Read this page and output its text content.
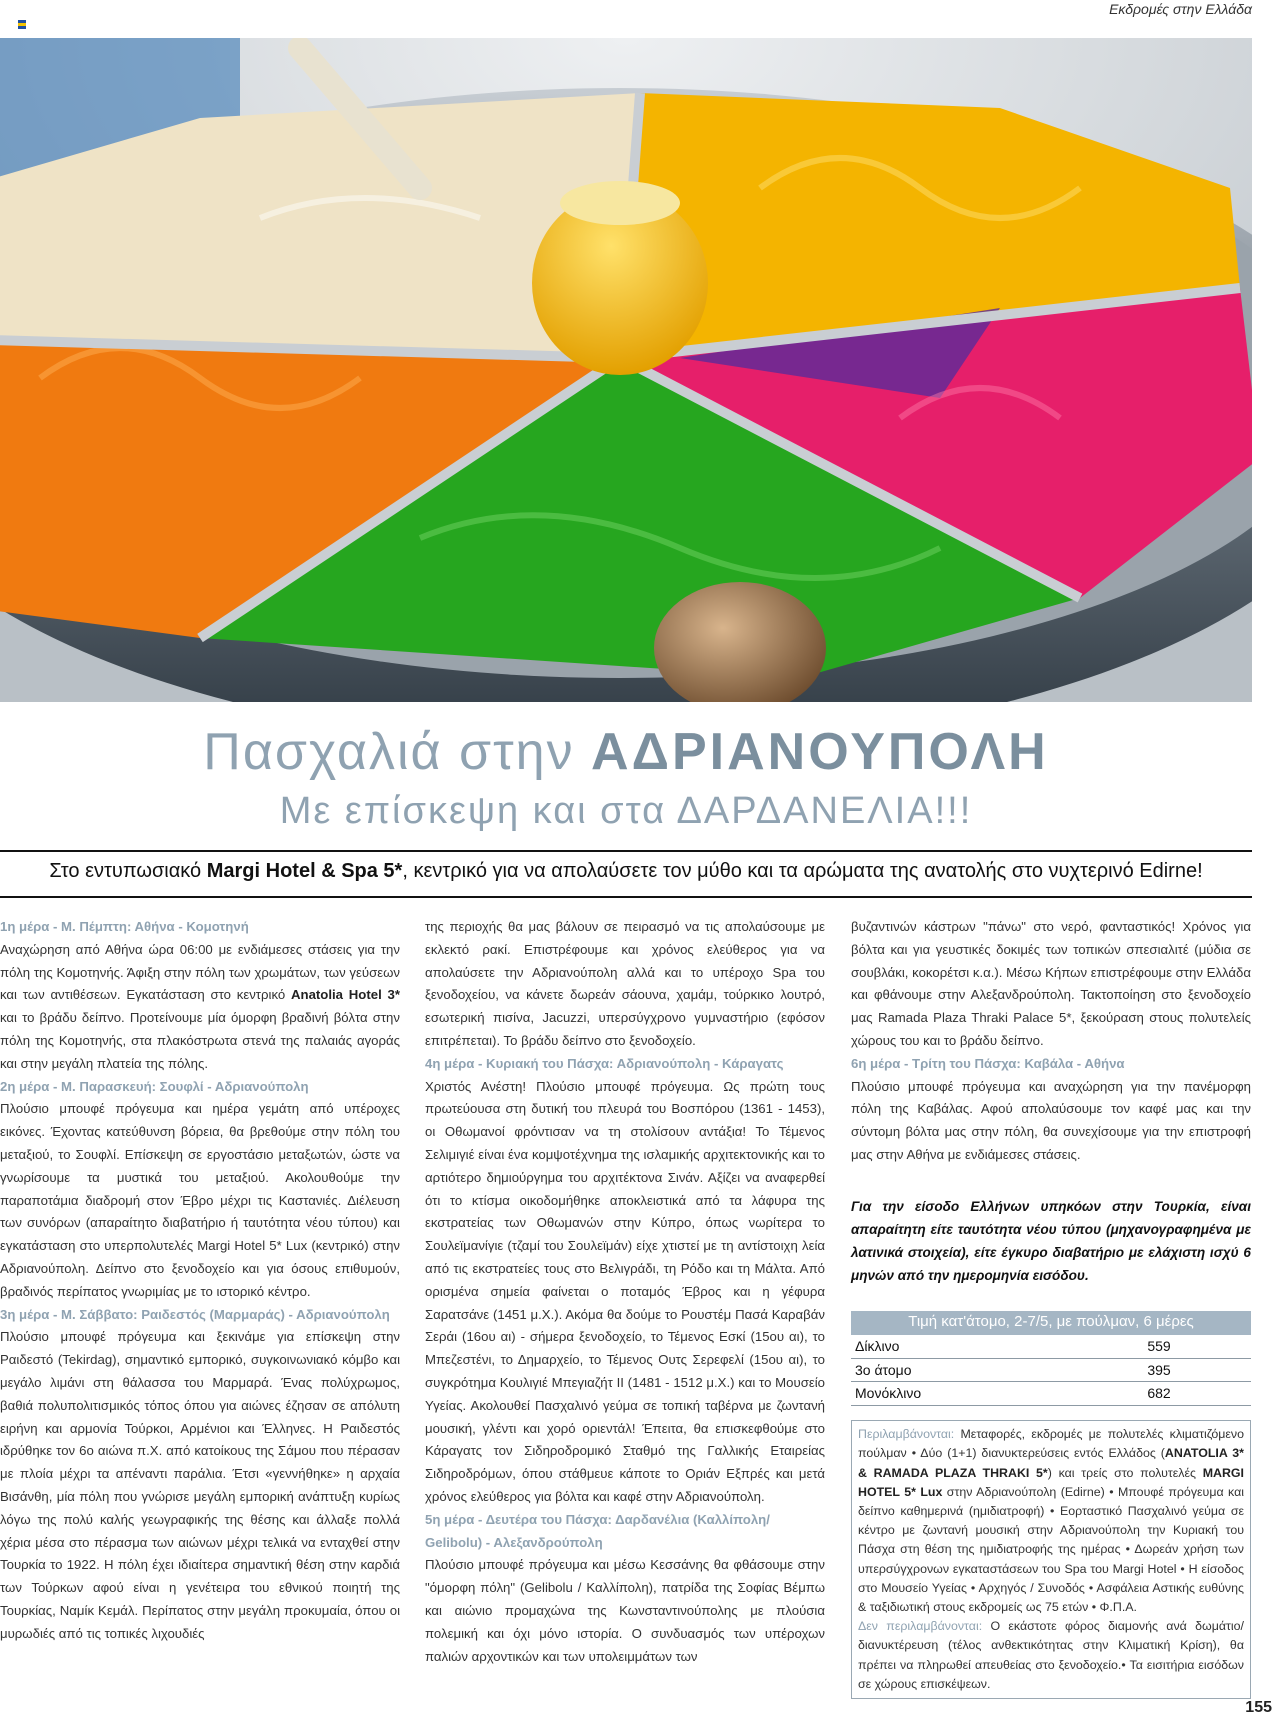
Εκδρομές στην Ελλάδα
Πασχαλιά στην ΑΔΡΙΑΝΟΥΠΟΛΗ
Με επίσκεψη και στα ΔΑΡΔΑΝΕΛΙΑ!!!
Στο εντυπωσιακό Margi Hotel & Spa 5*, κεντρικό για να απολαύσετε τον μύθο και τα αρώματα της ανατολής στο νυχτερινό Edirne!

1η μέρα - Μ. Πέμπτη: Αθήνα - Κομοτηνή

Αναχώρηση από Αθήνα ώρα 06:00 με ενδιάμεσες στάσεις για την πόλη της Κομοτηνής. Άφιξη στην πόλη των χρωμάτων, των γεύσεων και των αντιθέσεων. Εγκατάσταση στο κεντρικό Anatolia Hotel 3* και το βράδυ δείπνο. Προτείνουμε μία όμορφη βραδινή βόλτα στην πόλη της Κομοτηνής, στα πλακόστρωτα στενά της παλαιάς αγοράς και στην μεγάλη πλατεία της πόλης.

2η μέρα - Μ. Παρασκευή: Σουφλί - Αδριανούπολη

Πλούσιο μπουφέ πρόγευμα και ημέρα γεμάτη από υπέροχες εικόνες. Έχοντας κατεύθυνση βόρεια, θα βρεθούμε στην πόλη του μεταξιού, το Σουφλί. Επίσκεψη σε εργοστάσιο μεταξωτών, ώστε να γνωρίσουμε τα μυστικά του μεταξιού. Ακολουθούμε την παραποτάμια διαδρομή στον Έβρο μέχρι τις Καστανιές. Διέλευση των συνόρων (απαραίτητο διαβατήριο ή ταυτότητα νέου τύπου) και εγκατάσταση στο υπερπολυτελές Margi Hotel 5* Lux (κεντρικό) στην Αδριανούπολη. Δείπνο στο ξενοδοχείο και για όσους επιθυμούν, βραδινός περίπατος γνωριμίας με το ιστορικό κέντρο.

3η μέρα - Μ. Σάββατο: Ραιδεστός (Μαρμαράς) - Αδριανούπολη

Πλούσιο μπουφέ πρόγευμα και ξεκινάμε για επίσκεψη στην Ραιδεστό (Tekirdag), σημαντικό εμπορικό, συγκοινωνιακό κόμβο και μεγάλο λιμάνι στη θάλασσα του Μαρμαρά. Ένας πολύχρωμος, βαθιά πολυπολιτισμικός τόπος όπου για αιώνες έζησαν σε απόλυτη ειρήνη και αρμονία Τούρκοι, Αρμένιοι και Έλληνες. Η Ραιδεστός ιδρύθηκε τον 6ο αιώνα π.Χ. από κατοίκους της Σάμου που πέρασαν με πλοία μέχρι τα απέναντι παράλια. Έτσι «γεννήθηκε» η αρχαία Βισάνθη, μία πόλη που γνώρισε μεγάλη εμπορική ανάπτυξη κυρίως λόγω της πολύ καλής γεωγραφικής της θέσης και άλλαξε πολλά χέρια μέσα στο πέρασμα των αιώνων μέχρι τελικά να ενταχθεί στην Τουρκία το 1922. Η πόλη έχει ιδιαίτερα σημαντική θέση στην καρδιά των Τούρκων αφού είναι η γενέτειρα του εθνικού ποιητή της Τουρκίας, Ναμίκ Κεμάλ. Περίπατος στην μεγάλη προκυμαία, όπου οι μυρωδιές από τις τοπικές λιχουδιές

της περιοχής θα μας βάλουν σε πειρασμό να τις απολαύσουμε με εκλεκτό ρακί. Επιστρέφουμε και χρόνος ελεύθερος για να απολαύσετε την Αδριανούπολη αλλά και το υπέροχο Spa του ξενοδοχείου, να κάνετε δωρεάν σάουνα, χαμάμ, τούρκικο λουτρό, εσωτερική πισίνα, Jacuzzi, υπερσύγχρονο γυμναστήριο (εφόσον επιτρέπεται). Το βράδυ δείπνο στο ξενοδοχείο.

4η μέρα - Κυριακή του Πάσχα: Αδριανούπολη - Κάραγατς

Χριστός Ανέστη! Πλούσιο μπουφέ πρόγευμα. Ως πρώτη τους πρωτεύουσα στη δυτική του πλευρά του Βοσπόρου (1361 - 1453), οι Οθωμανοί φρόντισαν να τη στολίσουν αντάξια! Το Τέμενος Σελιμιγιέ είναι ένα κομψοτέχνημα της ισλαμικής αρχιτεκτονικής και το αρτιότερο δημιούργημα του αρχιτέκτονα Σινάν. Αξίζει να αναφερθεί ότι το κτίσμα οικοδομήθηκε αποκλειστικά από τα λάφυρα της εκστρατείας των Οθωμανών στην Κύπρο, όπως νωρίτερα το Σουλεϊμανίγιε (τζαμί του Σουλεϊμάν) είχε χτιστεί με τη αντίστοιχη λεία από τις εκστρατείες τους στο Βελιγράδι, τη Ρόδο και τη Μάλτα. Από ορισμένα σημεία φαίνεται ο ποταμός Έβρος και η γέφυρα Σαρατσάνε (1451 μ.Χ.). Ακόμα θα δούμε το Ρουστέμ Πασά Καραβάν Σεράι (16ου αι) - σήμερα ξενοδοχείο, το Τέμενος Εσκί (15ου αι), το Μπεζεστένι, το Δημαρχείο, το Τέμενος Ουτς Σερεφελί (15ου αι), το συγκρότημα Κουλιγιέ Μπεγιαζήτ ΙΙ (1481 - 1512 μ.Χ.) και το Μουσείο Υγείας. Ακολουθεί Πασχαλινό γεύμα σε τοπική ταβέρνα με ζωντανή μουσική, γλέντι και χορό οριεντάλ! Έπειτα, θα επισκεφθούμε στο Κάραγατς τον Σιδηροδρομικό Σταθμό της Γαλλικής Εταιρείας Σιδηροδρόμων, όπου στάθμευε κάποτε το Οριάν Εξπρές και μετά χρόνος ελεύθερος για βόλτα και καφέ στην Αδριανούπολη.

5η μέρα - Δευτέρα του Πάσχα: Δαρδανέλια (Καλλίπολη/ Gelibolu) - Αλεξανδρούπολη

Πλούσιο μπουφέ πρόγευμα και μέσω Κεσσάνης θα φθάσουμε στην "όμορφη πόλη" (Gelibolu / Καλλίπολη), πατρίδα της Σοφίας Βέμπω και αιώνιο προμαχώνα της Κωνσταντινούπολης με πλούσια πολεμική και όχι μόνο ιστορία. Ο συνδυασμός των υπέροχων παλιών αρχοντικών και των υπολειμμάτων των

βυζαντινών κάστρων "πάνω" στο νερό, φανταστικός! Χρόνος για βόλτα και για γευστικές δοκιμές των τοπικών σπεσιαλιτέ (μύδια σε σουβλάκι, κοκορέτσι κ.α.). Μέσω Κήπων επιστρέφουμε στην Ελλάδα και φθάνουμε στην Αλεξανδρούπολη. Τακτοποίηση στο ξενοδοχείο μας Ramada Plaza Thraki Palace 5*, ξεκούραση στους πολυτελείς χώρους του και το βράδυ δείπνο.

6η μέρα - Τρίτη του Πάσχα: Καβάλα - Αθήνα

Πλούσιο μπουφέ πρόγευμα και αναχώρηση για την πανέμορφη πόλη της Καβάλας. Αφού απολαύσουμε τον καφέ μας και την σύντομη βόλτα μας στην πόλη, θα συνεχίσουμε για την επιστροφή μας στην Αθήνα με ενδιάμεσες στάσεις.

Για την είσοδο Ελλήνων υπηκόων στην Τουρκία, είναι απαραίτητη είτε ταυτότητα νέου τύπου (μηχανογραφημένα με λατινικά στοιχεία), είτε έγκυρο διαβατήριο με ελάχιστη ισχύ 6 μηνών από την ημερομηνία εισόδου.

Τιμή κατ'άτομο, 2-7/5, με πούλμαν, 6 μέρες	
Δίκλινο	559
3ο άτομο	395
Μονόκλινο	682
Περιλαμβάνονται: Μεταφορές, εκδρομές με πολυτελές κλιματιζόμενο πούλμαν • Δύο (1+1) διανυκτερεύσεις εντός Ελλάδος (ANATOLIA 3* & RAMADA PLAZA THRAKI 5*) και τρείς στο πολυτελές MARGI HOTEL 5* Lux στην Αδριανούπολη (Edirne) • Μπουφέ πρόγευμα και δείπνο καθημερινά (ημιδιατροφή) • Εορταστικό Πασχαλινό γεύμα σε κέντρο με ζωντανή μουσική στην Αδριανούπολη την Κυριακή του Πάσχα στη θέση της ημιδιατροφής της ημέρας • Δωρεάν χρήση των υπερσύγχρονων εγκαταστάσεων του Spa του Margi Hotel • Η είσοδος στο Μουσείο Υγείας • Αρχηγός / Συνοδός • Ασφάλεια Αστικής ευθύνης & ταξιδιωτική στους εκδρομείς ως 75 ετών • Φ.Π.Α.
Δεν περιλαμβάνονται: Ο εκάστοτε φόρος διαμονής ανά δωμάτιο/ διανυκτέρευση (τέλος ανθεκτικότητας στην Κλιματική Κρίση), θα πρέπει να πληρωθεί απευθείας στο ξενοδοχείο.• Τα εισιτήρια εισόδων σε χώρους επισκέψεων.
155
